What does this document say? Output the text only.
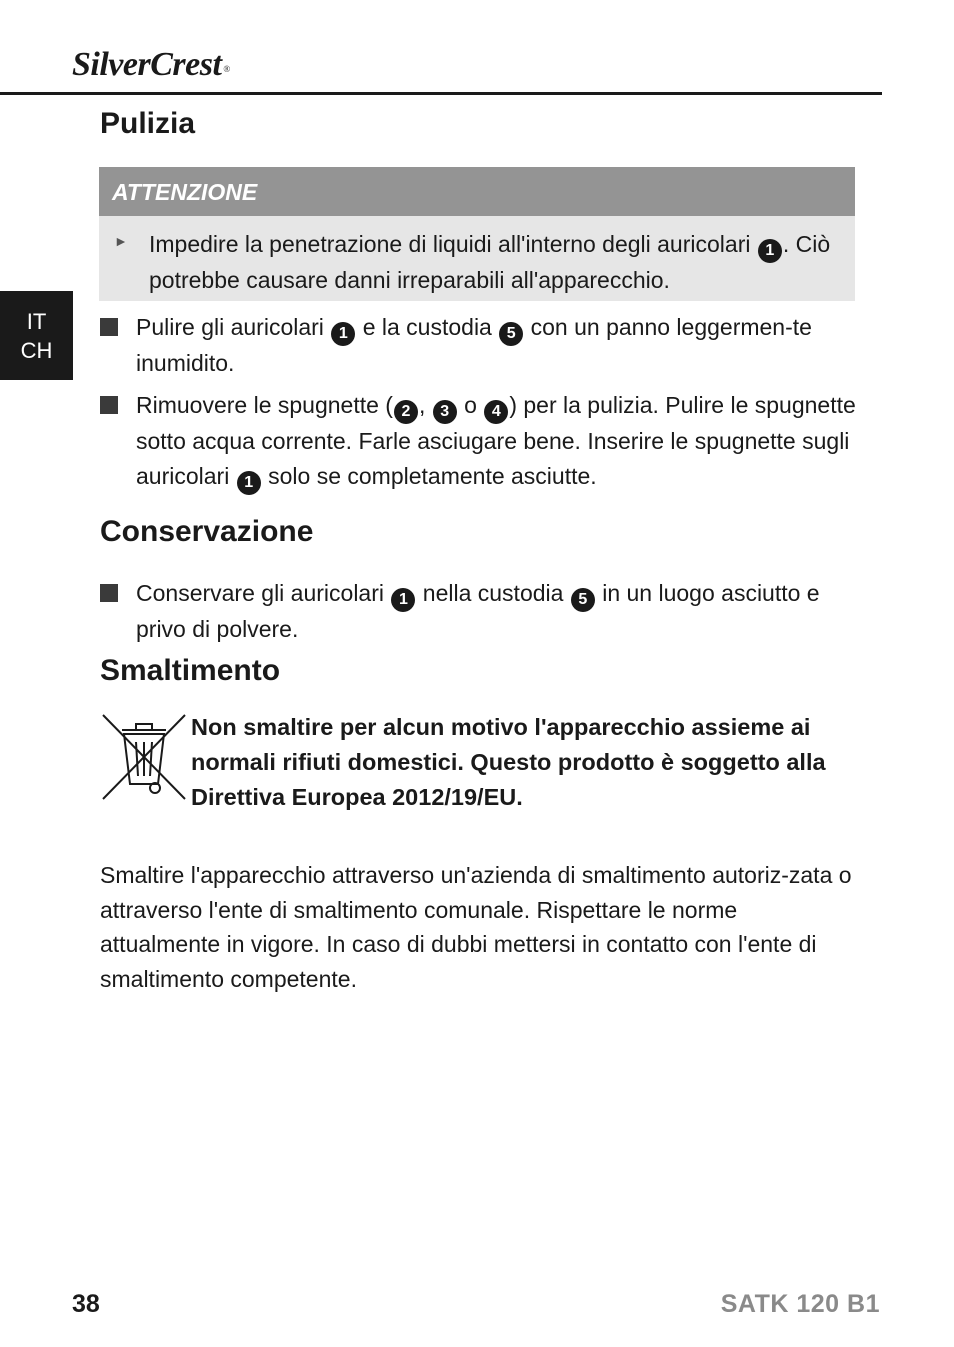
SilverCrest ®
IT
CH
Pulizia
ATTENZIONE
► Impedire la penetrazione di liquidi all'interno degli auricolari 1 . Ciò potrebbe causare danni irreparabili all'apparecchio.

Pulire gli auricolari 1 e la custodia 5 con un panno leggermen-te inumidito.

Rimuovere le spugnette ( 2 , 3 o 4 ) per la pulizia. Pulire le spugnette sotto acqua corrente. Farle asciugare bene. Inserire le spugnette sugli auricolari 1 solo se completamente asciutte.

Conservazione

Conservare gli auricolari 1 nella custodia 5 in un luogo asciutto e privo di polvere.

Smaltimento

Non smaltire per alcun motivo l'apparecchio assieme ai normali rifiuti domestici. Questo prodotto è soggetto alla Direttiva Europea 2012/19/EU.

Smaltire l'apparecchio attraverso un'azienda di smaltimento autoriz-zata o attraverso l'ente di smaltimento comunale. Rispettare le norme attualmente in vigore. In caso di dubbi mettersi in contatto con l'ente di smaltimento competente.

38	SATK 120 B1
